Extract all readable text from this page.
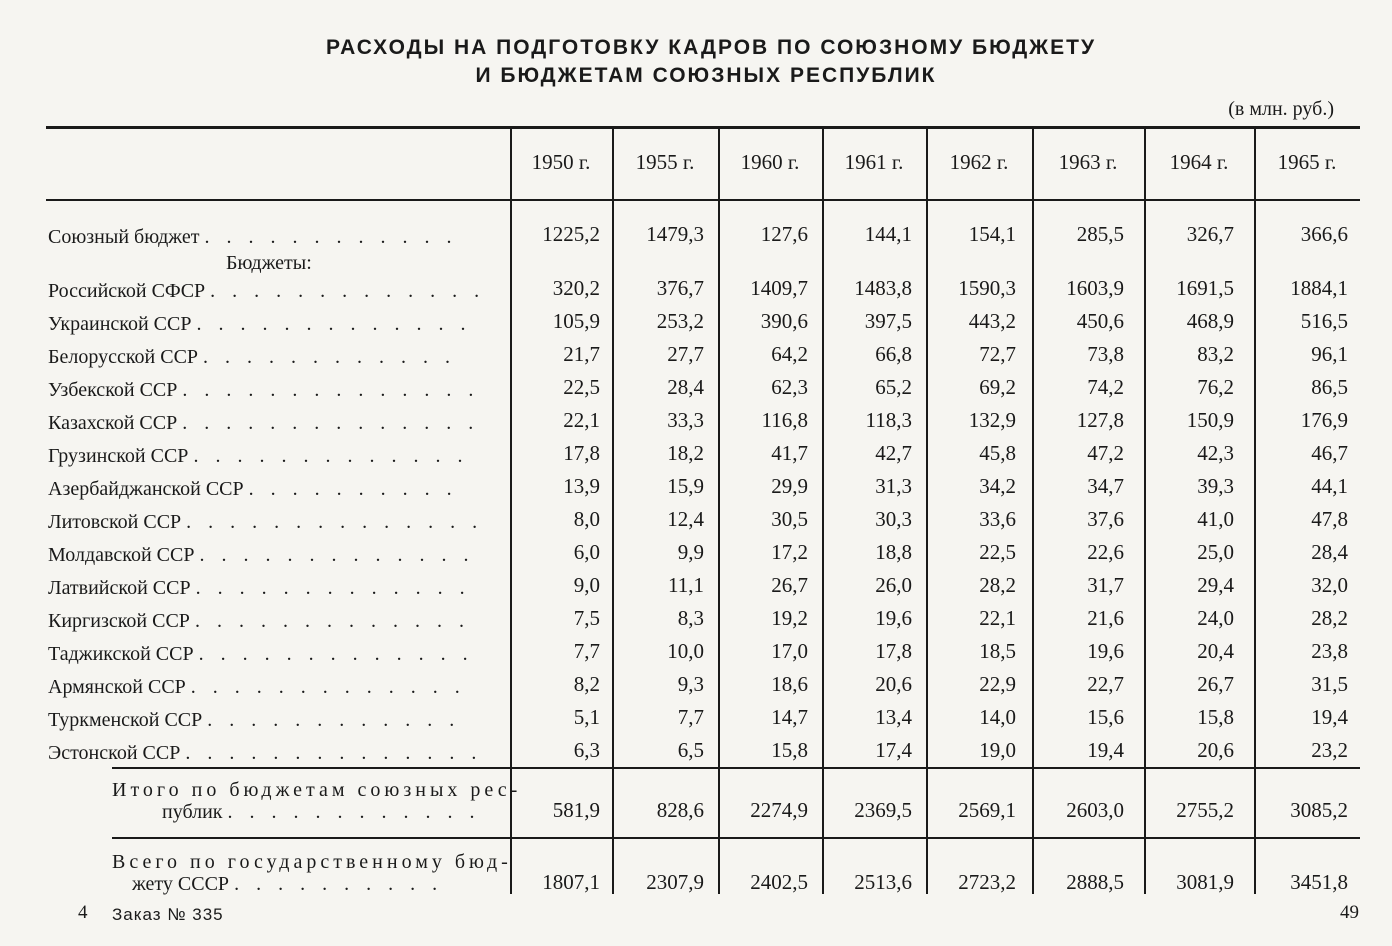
РАСХОДЫ НА ПОДГОТОВКУ КАДРОВ ПО СОЮЗНОМУ БЮДЖЕТУ
И БЮДЖЕТАМ СОЮЗНЫХ РЕСПУБЛИК
(в млн. руб.)
1950 г.	1955 г.	1960 г.	1961 г.	1962 г.	1963 г.	1964 г.	1965 г.
Союзный бюджет . . . . . . . . . . . .	1225,2	1479,3	127,6	144,1	154,1	285,5	326,7	366,6
Российской СФСР . . . . . . . . . . . . .	320,2	376,7	1409,7	1483,8	1590,3	1603,9	1691,5	1884,1
Украинской ССР . . . . . . . . . . . . .	105,9	253,2	390,6	397,5	443,2	450,6	468,9	516,5
Белорусской ССР . . . . . . . . . . . .	21,7	27,7	64,2	66,8	72,7	73,8	83,2	96,1
Узбекской ССР . . . . . . . . . . . . . .	22,5	28,4	62,3	65,2	69,2	74,2	76,2	86,5
Казахской ССР . . . . . . . . . . . . . .	22,1	33,3	116,8	118,3	132,9	127,8	150,9	176,9
Грузинской ССР . . . . . . . . . . . . .	17,8	18,2	41,7	42,7	45,8	47,2	42,3	46,7
Азербайджанской ССР . . . . . . . . . .	13,9	15,9	29,9	31,3	34,2	34,7	39,3	44,1
Литовской ССР . . . . . . . . . . . . . .	8,0	12,4	30,5	30,3	33,6	37,6	41,0	47,8
Молдавской ССР . . . . . . . . . . . . .	6,0	9,9	17,2	18,8	22,5	22,6	25,0	28,4
Латвийской ССР . . . . . . . . . . . . .	9,0	11,1	26,7	26,0	28,2	31,7	29,4	32,0
Киргизской ССР . . . . . . . . . . . . .	7,5	8,3	19,2	19,6	22,1	21,6	24,0	28,2
Таджикской ССР . . . . . . . . . . . . .	7,7	10,0	17,0	17,8	18,5	19,6	20,4	23,8
Армянской ССР . . . . . . . . . . . . .	8,2	9,3	18,6	20,6	22,9	22,7	26,7	31,5
Туркменской ССР . . . . . . . . . . . .	5,1	7,7	14,7	13,4	14,0	15,6	15,8	19,4
Эстонской ССР . . . . . . . . . . . . . .	6,3	6,5	15,8	17,4	19,0	19,4	20,6	23,2
Итого по бюджетам союзных рес-
публик . . . . . . . . . . . .	581,9	828,6	2274,9	2369,5	2569,1	2603,0	2755,2	3085,2
Всего по государственному бюд-
жету СССР . . . . . . . . . .	1807,1	2307,9	2402,5	2513,6	2723,2	2888,5	3081,9	3451,8
Бюджеты:
4 Заказ № 335	49
